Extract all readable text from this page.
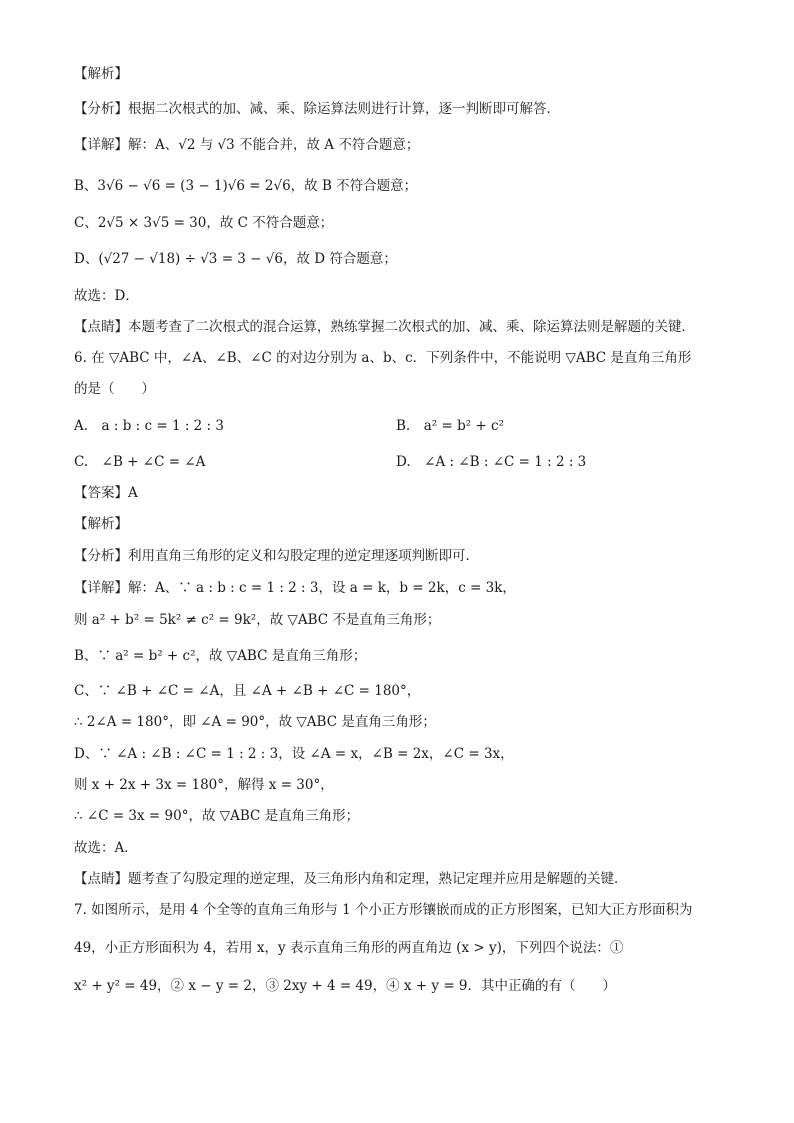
【解析】
【分析】根据二次根式的加、减、乘、除运算法则进行计算，逐一判断即可解答．
【详解】解：A、√2 与 √3 不能合并，故 A 不符合题意；
B、3√6 − √6 = (3 − 1)√6 = 2√6，故 B 不符合题意；
C、2√5 × 3√5 = 30，故 C 不符合题意；
D、(√27 − √18) ÷ √3 = 3 − √6，故 D 符合题意；
故选：D．
【点睛】本题考查了二次根式的混合运算，熟练掌握二次根式的加、减、乘、除运算法则是解题的关键．
6. 在 ▽ABC 中，∠A、∠B、∠C 的对边分别为 a、b、c．下列条件中，不能说明 ▽ABC 是直角三角形
的是（　　）
A.　a : b : c = 1 : 2 : 3	B.　a² = b² + c²
C.　∠B + ∠C = ∠A	D.　∠A : ∠B : ∠C = 1 : 2 : 3
【答案】A
【解析】
【分析】利用直角三角形的定义和勾股定理的逆定理逐项判断即可．
【详解】解：A、∵ a : b : c = 1 : 2 : 3，设 a = k，b = 2k，c = 3k，
则 a² + b² = 5k² ≠ c² = 9k²，故 ▽ABC 不是直角三角形；
B、∵ a² = b² + c²，故 ▽ABC 是直角三角形；
C、∵ ∠B + ∠C = ∠A，且 ∠A + ∠B + ∠C = 180°，
∴ 2∠A = 180°，即 ∠A = 90°，故 ▽ABC 是直角三角形；
D、∵ ∠A : ∠B : ∠C = 1 : 2 : 3，设 ∠A = x，∠B = 2x，∠C = 3x，
则 x + 2x + 3x = 180°，解得 x = 30°，
∴ ∠C = 3x = 90°，故 ▽ABC 是直角三角形；
故选：A．
【点睛】题考查了勾股定理的逆定理，及三角形内角和定理，熟记定理并应用是解题的关键．
7. 如图所示，是用 4 个全等的直角三角形与 1 个小正方形镶嵌而成的正方形图案，已知大正方形面积为
49，小正方形面积为 4，若用 x，y 表示直角三角形的两直角边 (x > y)，下列四个说法：①
x² + y² = 49，② x − y = 2，③ 2xy + 4 = 49，④ x + y = 9．其中正确的有（　　）
